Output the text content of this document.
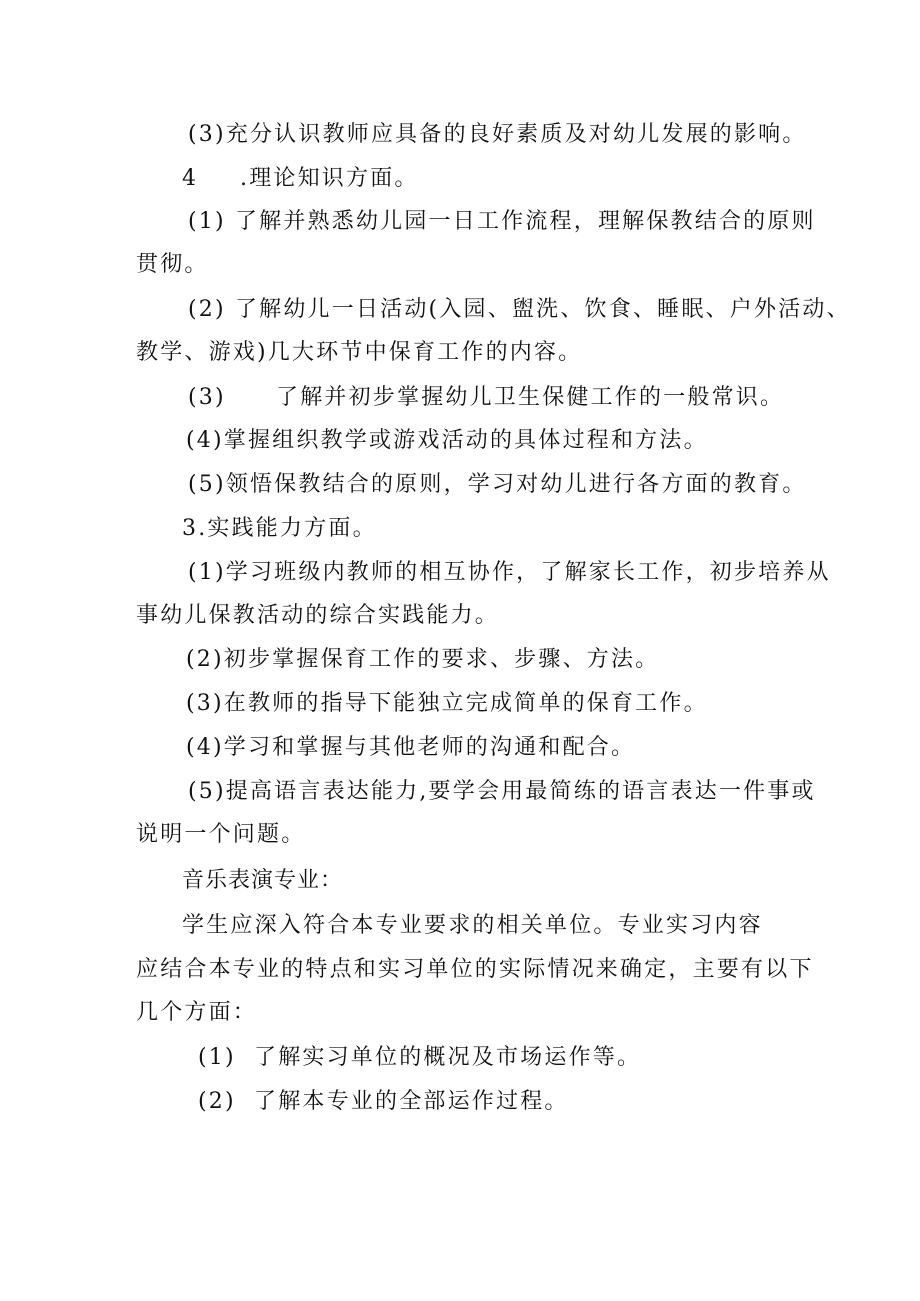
(3)充分认识教师应具备的良好素质及对幼儿发展的影响。
4 .理论知识方面。
(1) 了解并熟悉幼儿园一日工作流程，理解保教结合的原则
贯彻。
(2) 了解幼儿一日活动(入园、盥洗、饮食、睡眠、户外活动、
教学、游戏)几大环节中保育工作的内容。
(3) 了解并初步掌握幼儿卫生保健工作的一般常识。
(4)掌握组织教学或游戏活动的具体过程和方法。
(5)领悟保教结合的原则，学习对幼儿进行各方面的教育。
3.实践能力方面。
(1)学习班级内教师的相互协作，了解家长工作，初步培养从
事幼儿保教活动的综合实践能力。
(2)初步掌握保育工作的要求、步骤、方法。
(3)在教师的指导下能独立完成简单的保育工作。
(4)学习和掌握与其他老师的沟通和配合。
(5)提高语言表达能力,要学会用最简练的语言表达一件事或
说明一个问题。
音乐表演专业：
学生应深入符合本专业要求的相关单位。专业实习内容
应结合本专业的特点和实习单位的实际情况来确定，主要有以下
几个方面：
(1) 了解实习单位的概况及市场运作等。
(2) 了解本专业的全部运作过程。
